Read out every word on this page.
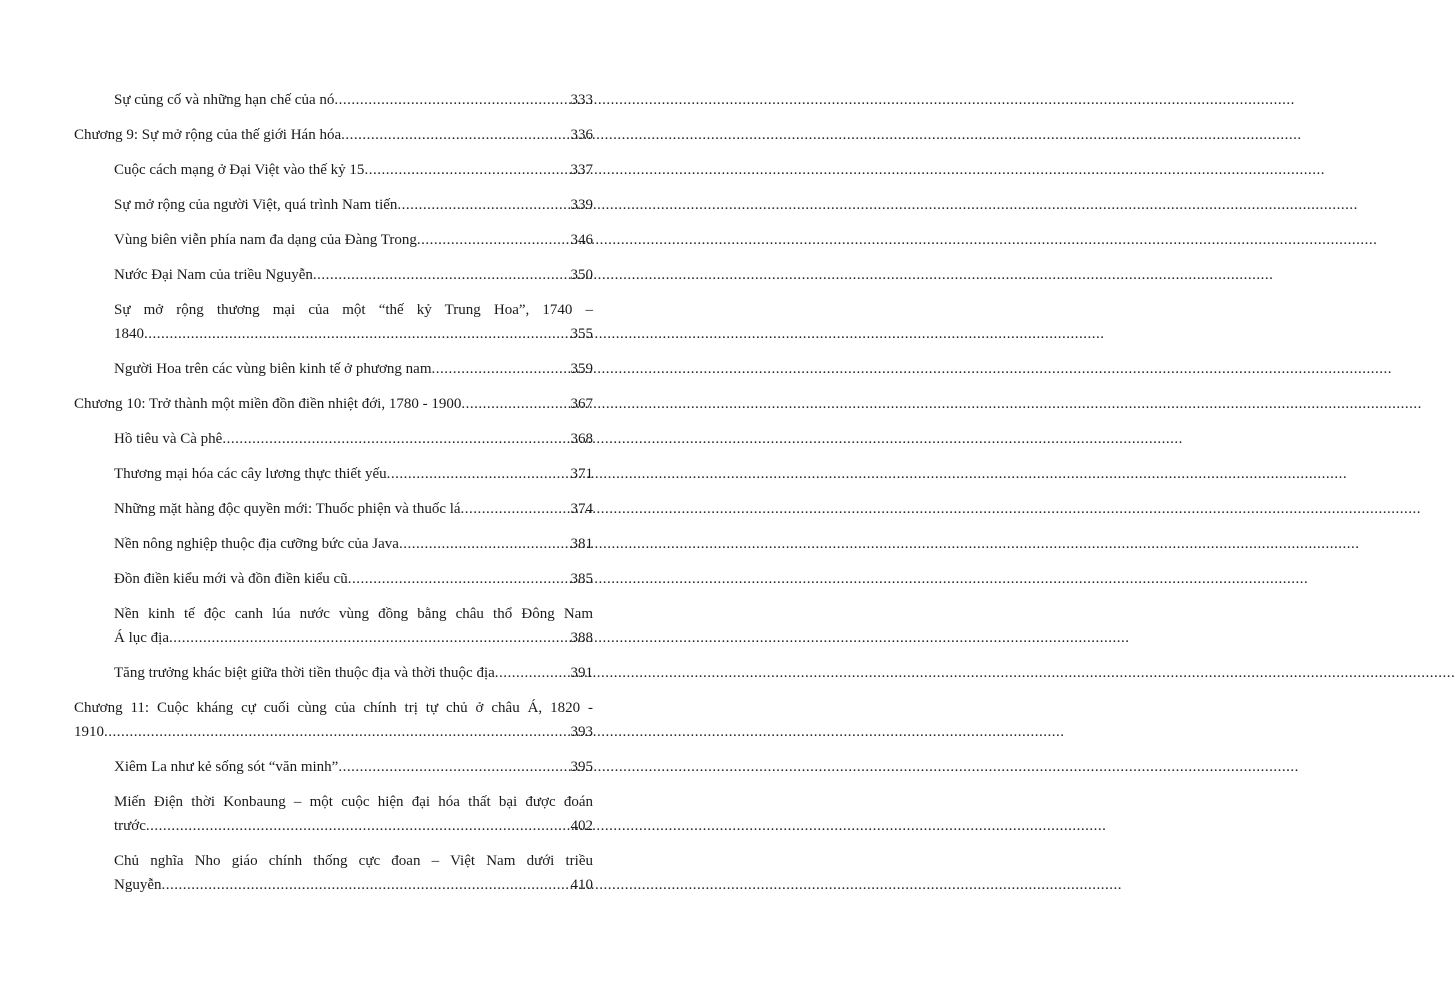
Sự củng cố và những hạn chế của nó .....	333
Chương 9: Sự mở rộng của thế giới Hán hóa .....	336
Cuộc cách mạng ở Đại Việt vào thế kỷ 15 .....	337
Sự mở rộng của người Việt, quá trình Nam tiến .....	339
Vùng biên viễn phía nam đa dạng của Đàng Trong .....	346
Nước Đại Nam của triều Nguyễn .....	350
Sự mở rộng thương mại của một “thế kỷ Trung Hoa”, 1740 –
1840 .....	355
Người Hoa trên các vùng biên kinh tế ở phương nam .....	359
Chương 10: Trở thành một miền đồn điền nhiệt đới, 1780 - 1900 .....	367
Hồ tiêu và Cà phê .....	368
Thương mại hóa các cây lương thực thiết yếu .....	371
Những mặt hàng độc quyền mới: Thuốc phiện và thuốc lá .....	374
Nền nông nghiệp thuộc địa cưỡng bức của Java .....	381
Đồn điền kiểu mới và đồn điền kiểu cũ .....	385
Nền kinh tế độc canh lúa nước vùng đồng bằng châu thổ Đông Nam
Á lục địa .....	388
Tăng trưởng khác biệt giữa thời tiền thuộc địa và thời thuộc địa .....	391
Chương 11: Cuộc kháng cự cuối cùng của chính trị tự chủ ở châu Á, 1820 -
1910 .....	393
Xiêm La như kẻ sống sót “văn minh” .....	395
Miến Điện thời Konbaung – một cuộc hiện đại hóa thất bại được đoán
trước .....	402
Chủ nghĩa Nho giáo chính thống cực đoan – Việt Nam dưới triều
Nguyễn .....	410
